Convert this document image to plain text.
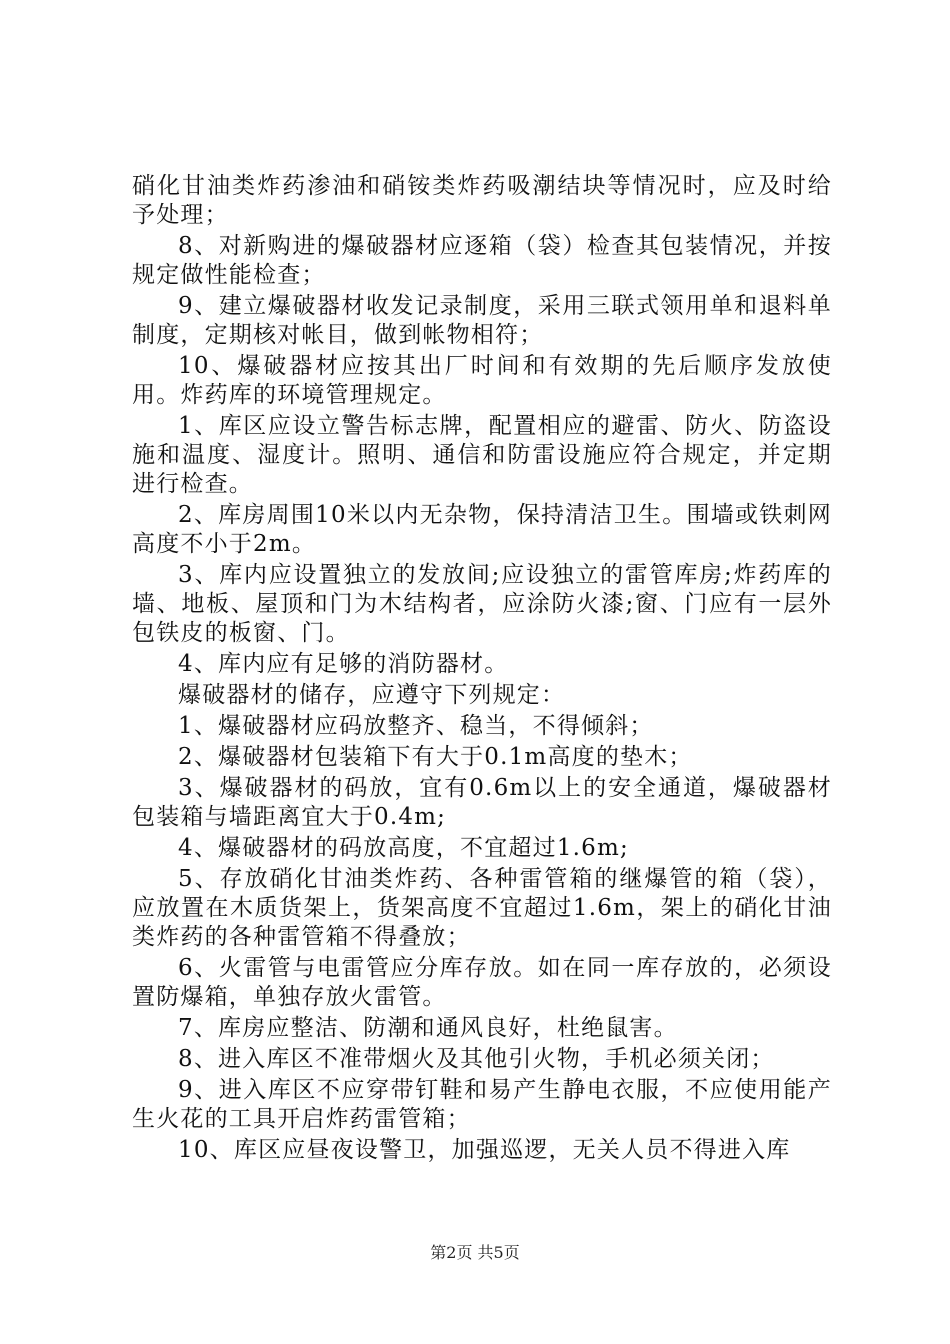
硝化甘油类炸药渗油和硝铵类炸药吸潮结块等情况时，应及时给予处理；

8、对新购进的爆破器材应逐箱（袋）检查其包装情况，并按规定做性能检查；

9、建立爆破器材收发记录制度，采用三联式领用单和退料单制度，定期核对帐目，做到帐物相符；

10、爆破器材应按其出厂时间和有效期的先后顺序发放使用。炸药库的环境管理规定。

1、库区应设立警告标志牌，配置相应的避雷、防火、防盗设施和温度、湿度计。照明、通信和防雷设施应符合规定，并定期进行检查。

2、库房周围10米以内无杂物，保持清洁卫生。围墙或铁刺网高度不小于2m。

3、库内应设置独立的发放间;应设独立的雷管库房;炸药库的墙、地板、屋顶和门为木结构者，应涂防火漆;窗、门应有一层外包铁皮的板窗、门。

4、库内应有足够的消防器材。

爆破器材的储存，应遵守下列规定：

1、爆破器材应码放整齐、稳当，不得倾斜；

2、爆破器材包装箱下有大于0.1m高度的垫木；

3、爆破器材的码放，宜有0.6m以上的安全通道，爆破器材包装箱与墙距离宜大于0.4m;

4、爆破器材的码放高度，不宜超过1.6m;

5、存放硝化甘油类炸药、各种雷管箱的继爆管的箱（袋），应放置在木质货架上，货架高度不宜超过1.6m，架上的硝化甘油类炸药的各种雷管箱不得叠放；

6、火雷管与电雷管应分库存放。如在同一库存放的，必须设置防爆箱，单独存放火雷管。

7、库房应整洁、防潮和通风良好，杜绝鼠害。

8、进入库区不准带烟火及其他引火物，手机必须关闭；

9、进入库区不应穿带钉鞋和易产生静电衣服，不应使用能产生火花的工具开启炸药雷管箱；

10、库区应昼夜设警卫，加强巡逻，无关人员不得进入库

第2页 共5页
